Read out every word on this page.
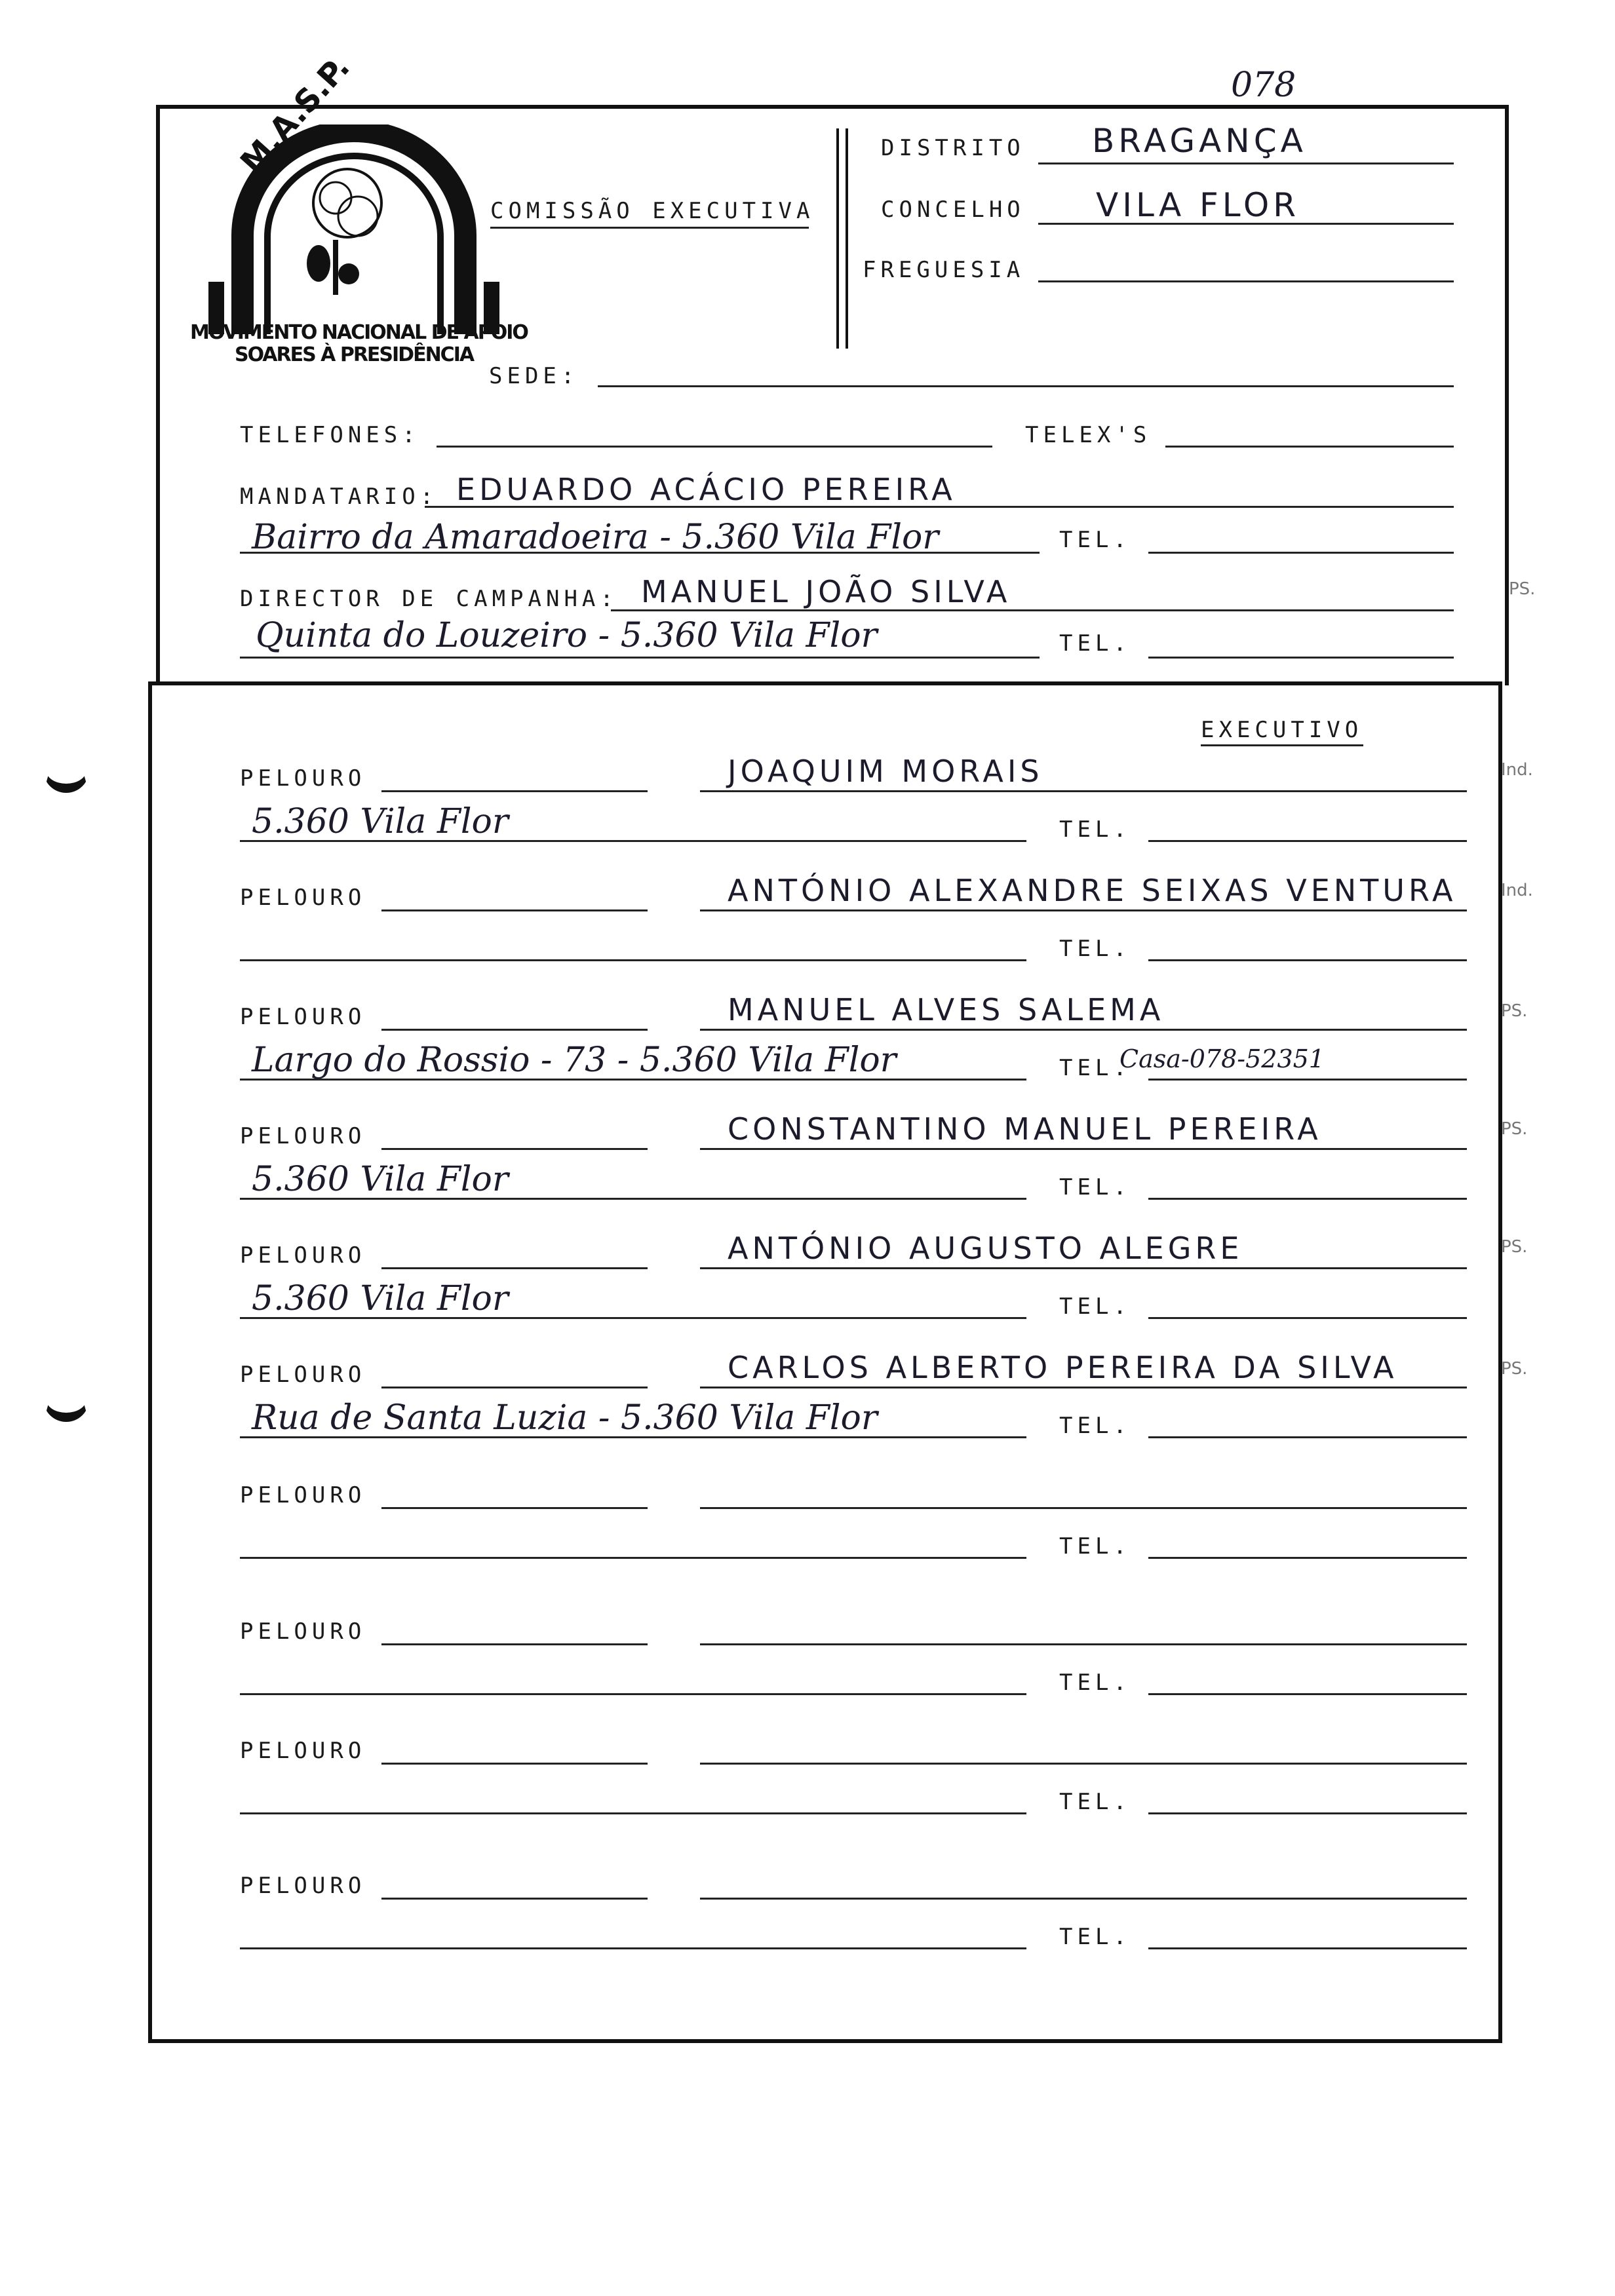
078
M.A.S.P.
MOVIMENTO NACIONAL DE APOIO
SOARES À PRESIDÊNCIA
COMISSÃO EXECUTIVA
DISTRITO BRAGANÇA
CONCELHO VILA FLOR
FREGUESIA
SEDE:
TELEFONES:	TELEX'S
MANDATARIO: EDUARDO ACÁCIO PEREIRA
Bairro da Amaradoeira - 5.360 Vila Flor	TEL.
DIRECTOR DE CAMPANHA: MANUEL JOÃO SILVA
Quinta do Louzeiro - 5.360 Vila Flor	TEL.
EXECUTIVO
PELOURO	JOAQUIM MORAIS
5.360 Vila Flor	TEL.
PELOURO	ANTÓNIO ALEXANDRE SEIXAS VENTURA
TEL.
PELOURO	MANUEL ALVES SALEMA
Largo do Rossio - 73 - 5.360 Vila Flor	TEL.
Casa-078-52351
PELOURO	CONSTANTINO MANUEL PEREIRA
5.360 Vila Flor	TEL.
PELOURO	ANTÓNIO AUGUSTO ALEGRE
5.360 Vila Flor	TEL.
PELOURO	CARLOS ALBERTO PEREIRA DA SILVA
Rua de Santa Luzia - 5.360 Vila Flor	TEL.
PELOURO
TEL.
PELOURO
TEL.
PELOURO
TEL.
PELOURO
TEL.
PS.
Ind.
Ind.
PS.
PS.
PS.
PS.
